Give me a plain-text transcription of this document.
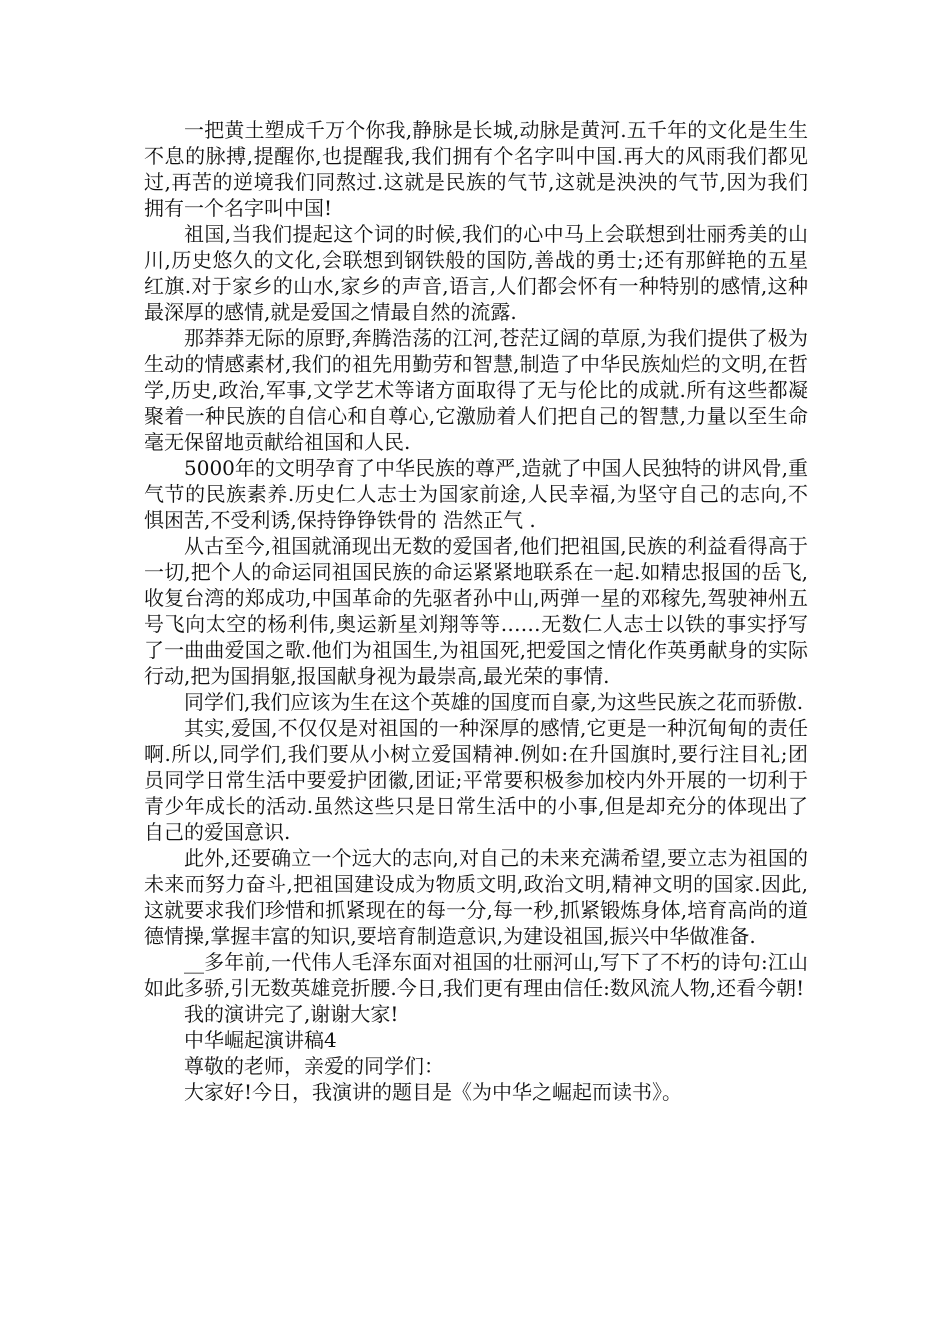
一把黄土塑成千万个你我,静脉是长城,动脉是黄河.五千年的文化是生生不息的脉搏,提醒你,也提醒我,我们拥有个名字叫中国.再大的风雨我们都见过,再苦的逆境我们同熬过.这就是民族的气节,这就是泱泱的气节,因为我们拥有一个名字叫中国!

祖国,当我们提起这个词的时候,我们的心中马上会联想到壮丽秀美的山川,历史悠久的文化,会联想到钢铁般的国防,善战的勇士;还有那鲜艳的五星红旗.对于家乡的山水,家乡的声音,语言,人们都会怀有一种特别的感情,这种最深厚的感情,就是爱国之情最自然的流露.

那莽莽无际的原野,奔腾浩荡的江河,苍茫辽阔的草原,为我们提供了极为生动的情感素材,我们的祖先用勤劳和智慧,制造了中华民族灿烂的文明,在哲学,历史,政治,军事,文学艺术等诸方面取得了无与伦比的成就.所有这些都凝聚着一种民族的自信心和自尊心,它激励着人们把自己的智慧,力量以至生命毫无保留地贡献给祖国和人民.

5000年的文明孕育了中华民族的尊严,造就了中国人民独特的讲风骨,重气节的民族素养.历史仁人志士为国家前途,人民幸福,为坚守自己的志向,不惧困苦,不受利诱,保持铮铮铁骨的 浩然正气 .

从古至今,祖国就涌现出无数的爱国者,他们把祖国,民族的利益看得高于一切,把个人的命运同祖国民族的命运紧紧地联系在一起.如精忠报国的岳飞,收复台湾的郑成功,中国革命的先驱者孙中山,两弹一星的邓稼先,驾驶神州五号飞向太空的杨利伟,奥运新星刘翔等等……无数仁人志士以铁的事实抒写了一曲曲爱国之歌.他们为祖国生,为祖国死,把爱国之情化作英勇献身的实际行动,把为国捐躯,报国献身视为最崇高,最光荣的事情.

同学们,我们应该为生在这个英雄的国度而自豪,为这些民族之花而骄傲.

其实,爱国,不仅仅是对祖国的一种深厚的感情,它更是一种沉甸甸的责任啊.所以,同学们,我们要从小树立爱国精神.例如:在升国旗时,要行注目礼;团员同学日常生活中要爱护团徽,团证;平常要积极参加校内外开展的一切利于青少年成长的活动.虽然这些只是日常生活中的小事,但是却充分的体现出了自己的爱国意识.

此外,还要确立一个远大的志向,对自己的未来充满希望,要立志为祖国的未来而努力奋斗,把祖国建设成为物质文明,政治文明,精神文明的国家.因此,这就要求我们珍惜和抓紧现在的每一分,每一秒,抓紧锻炼身体,培育高尚的道德情操,掌握丰富的知识,要培育制造意识,为建设祖国,振兴中华做准备.

__多年前,一代伟人毛泽东面对祖国的壮丽河山,写下了不朽的诗句:江山如此多骄,引无数英雄竞折腰.今日,我们更有理由信任:数风流人物,还看今朝!

我的演讲完了,谢谢大家!

中华崛起演讲稿4

尊敬的老师，亲爱的同学们：

大家好!今日，我演讲的题目是《为中华之崛起而读书》。
